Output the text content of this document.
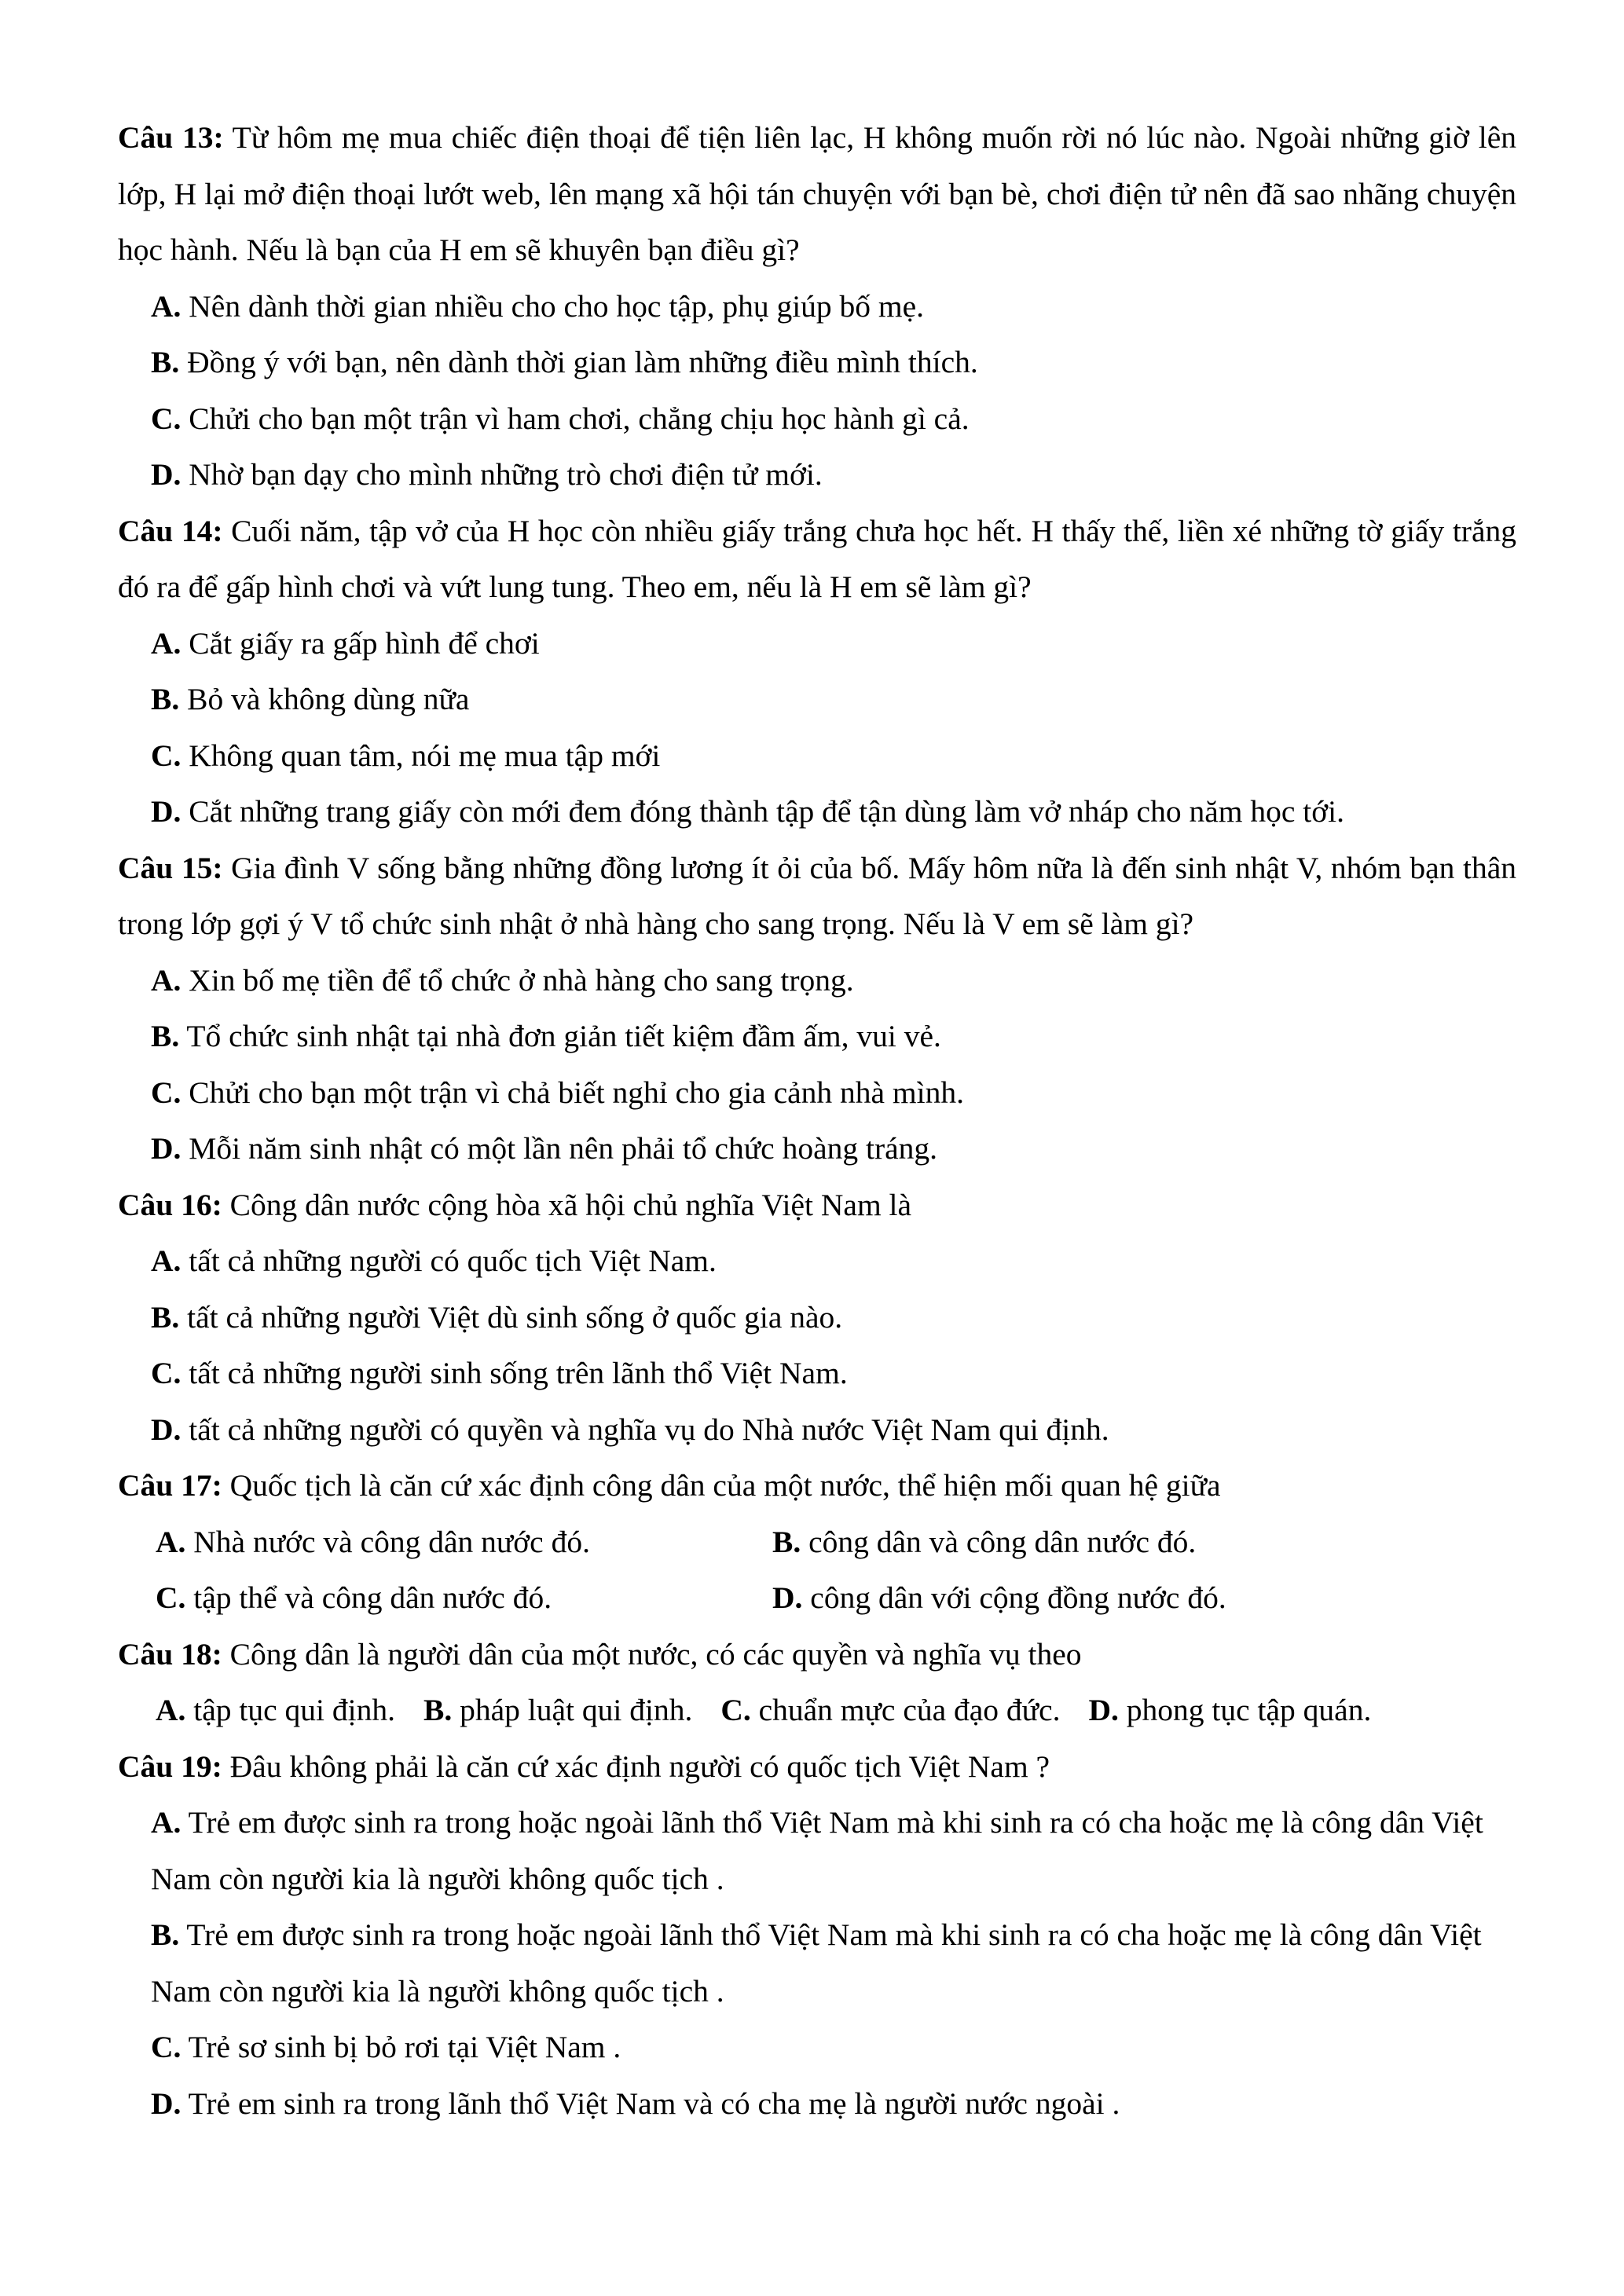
Câu 13: Từ hôm mẹ mua chiếc điện thoại để tiện liên lạc, H không muốn rời nó lúc nào. Ngoài những giờ lên lớp, H lại mở điện thoại lướt web, lên mạng xã hội tán chuyện với bạn bè, chơi điện tử nên đã sao nhãng chuyện học hành. Nếu là bạn của H em sẽ khuyên bạn điều gì?

A. Nên dành thời gian nhiều cho cho học tập, phụ giúp bố mẹ.

B. Đồng ý với bạn, nên dành thời gian làm những điều mình thích.

C. Chửi cho bạn một trận vì ham chơi, chẳng chịu học hành gì cả.

D. Nhờ bạn dạy cho mình những trò chơi điện tử mới.

Câu 14: Cuối năm, tập vở của H học còn nhiều giấy trắng chưa học hết. H thấy thế, liền xé những tờ giấy trắng đó ra để gấp hình chơi và vứt lung tung. Theo em, nếu là H em sẽ làm gì?

A. Cắt giấy ra gấp hình để chơi

B. Bỏ và không dùng nữa

C. Không quan tâm, nói mẹ mua tập mới

D. Cắt những trang giấy còn mới đem đóng thành tập để tận dùng làm vở nháp cho năm học tới.

Câu 15: Gia đình V sống bằng những đồng lương ít ỏi của bố. Mấy hôm nữa là đến sinh nhật V, nhóm bạn thân trong lớp gợi ý V tổ chức sinh nhật ở nhà hàng cho sang trọng. Nếu là V em sẽ làm gì?

A. Xin bố mẹ tiền để tổ chức ở nhà hàng cho sang trọng.

B. Tổ chức sinh nhật tại nhà đơn giản tiết kiệm đầm ấm, vui vẻ.

C. Chửi cho bạn một trận vì chả biết nghỉ cho gia cảnh nhà mình.

D. Mỗi năm sinh nhật có một lần nên phải tổ chức hoàng tráng.

Câu 16: Công dân nước cộng hòa xã hội chủ nghĩa Việt Nam là

A. tất cả những người có quốc tịch Việt Nam.

B. tất cả những người Việt dù sinh sống ở quốc gia nào.

C. tất cả những người sinh sống trên lãnh thổ Việt Nam.

D. tất cả những người có quyền và nghĩa vụ do Nhà nước Việt Nam qui định.

Câu 17: Quốc tịch là căn cứ xác định công dân của một nước, thể hiện mối quan hệ giữa

A. Nhà nước và công dân nước đó.	B. công dân và công dân nước đó.
C. tập thể và công dân nước đó.	D. công dân với cộng đồng nước đó.

Câu 18: Công dân là người dân của một nước, có các quyền và nghĩa vụ theo

A. tập tục qui định. B. pháp luật qui định. C. chuẩn mực của đạo đức. D. phong tục tập quán.

Câu 19: Đâu không phải là căn cứ xác định người có quốc tịch Việt Nam ?

A. Trẻ em được sinh ra trong hoặc ngoài lãnh thổ Việt Nam mà khi sinh ra có cha hoặc mẹ là công dân Việt Nam còn người kia là người không quốc tịch .

B. Trẻ em được sinh ra trong hoặc ngoài lãnh thổ Việt Nam mà khi sinh ra có cha hoặc mẹ là công dân Việt Nam còn người kia là người không quốc tịch .

C. Trẻ sơ sinh bị bỏ rơi tại Việt Nam .

D. Trẻ em sinh ra trong lãnh thổ Việt Nam và có cha mẹ là người nước ngoài .
